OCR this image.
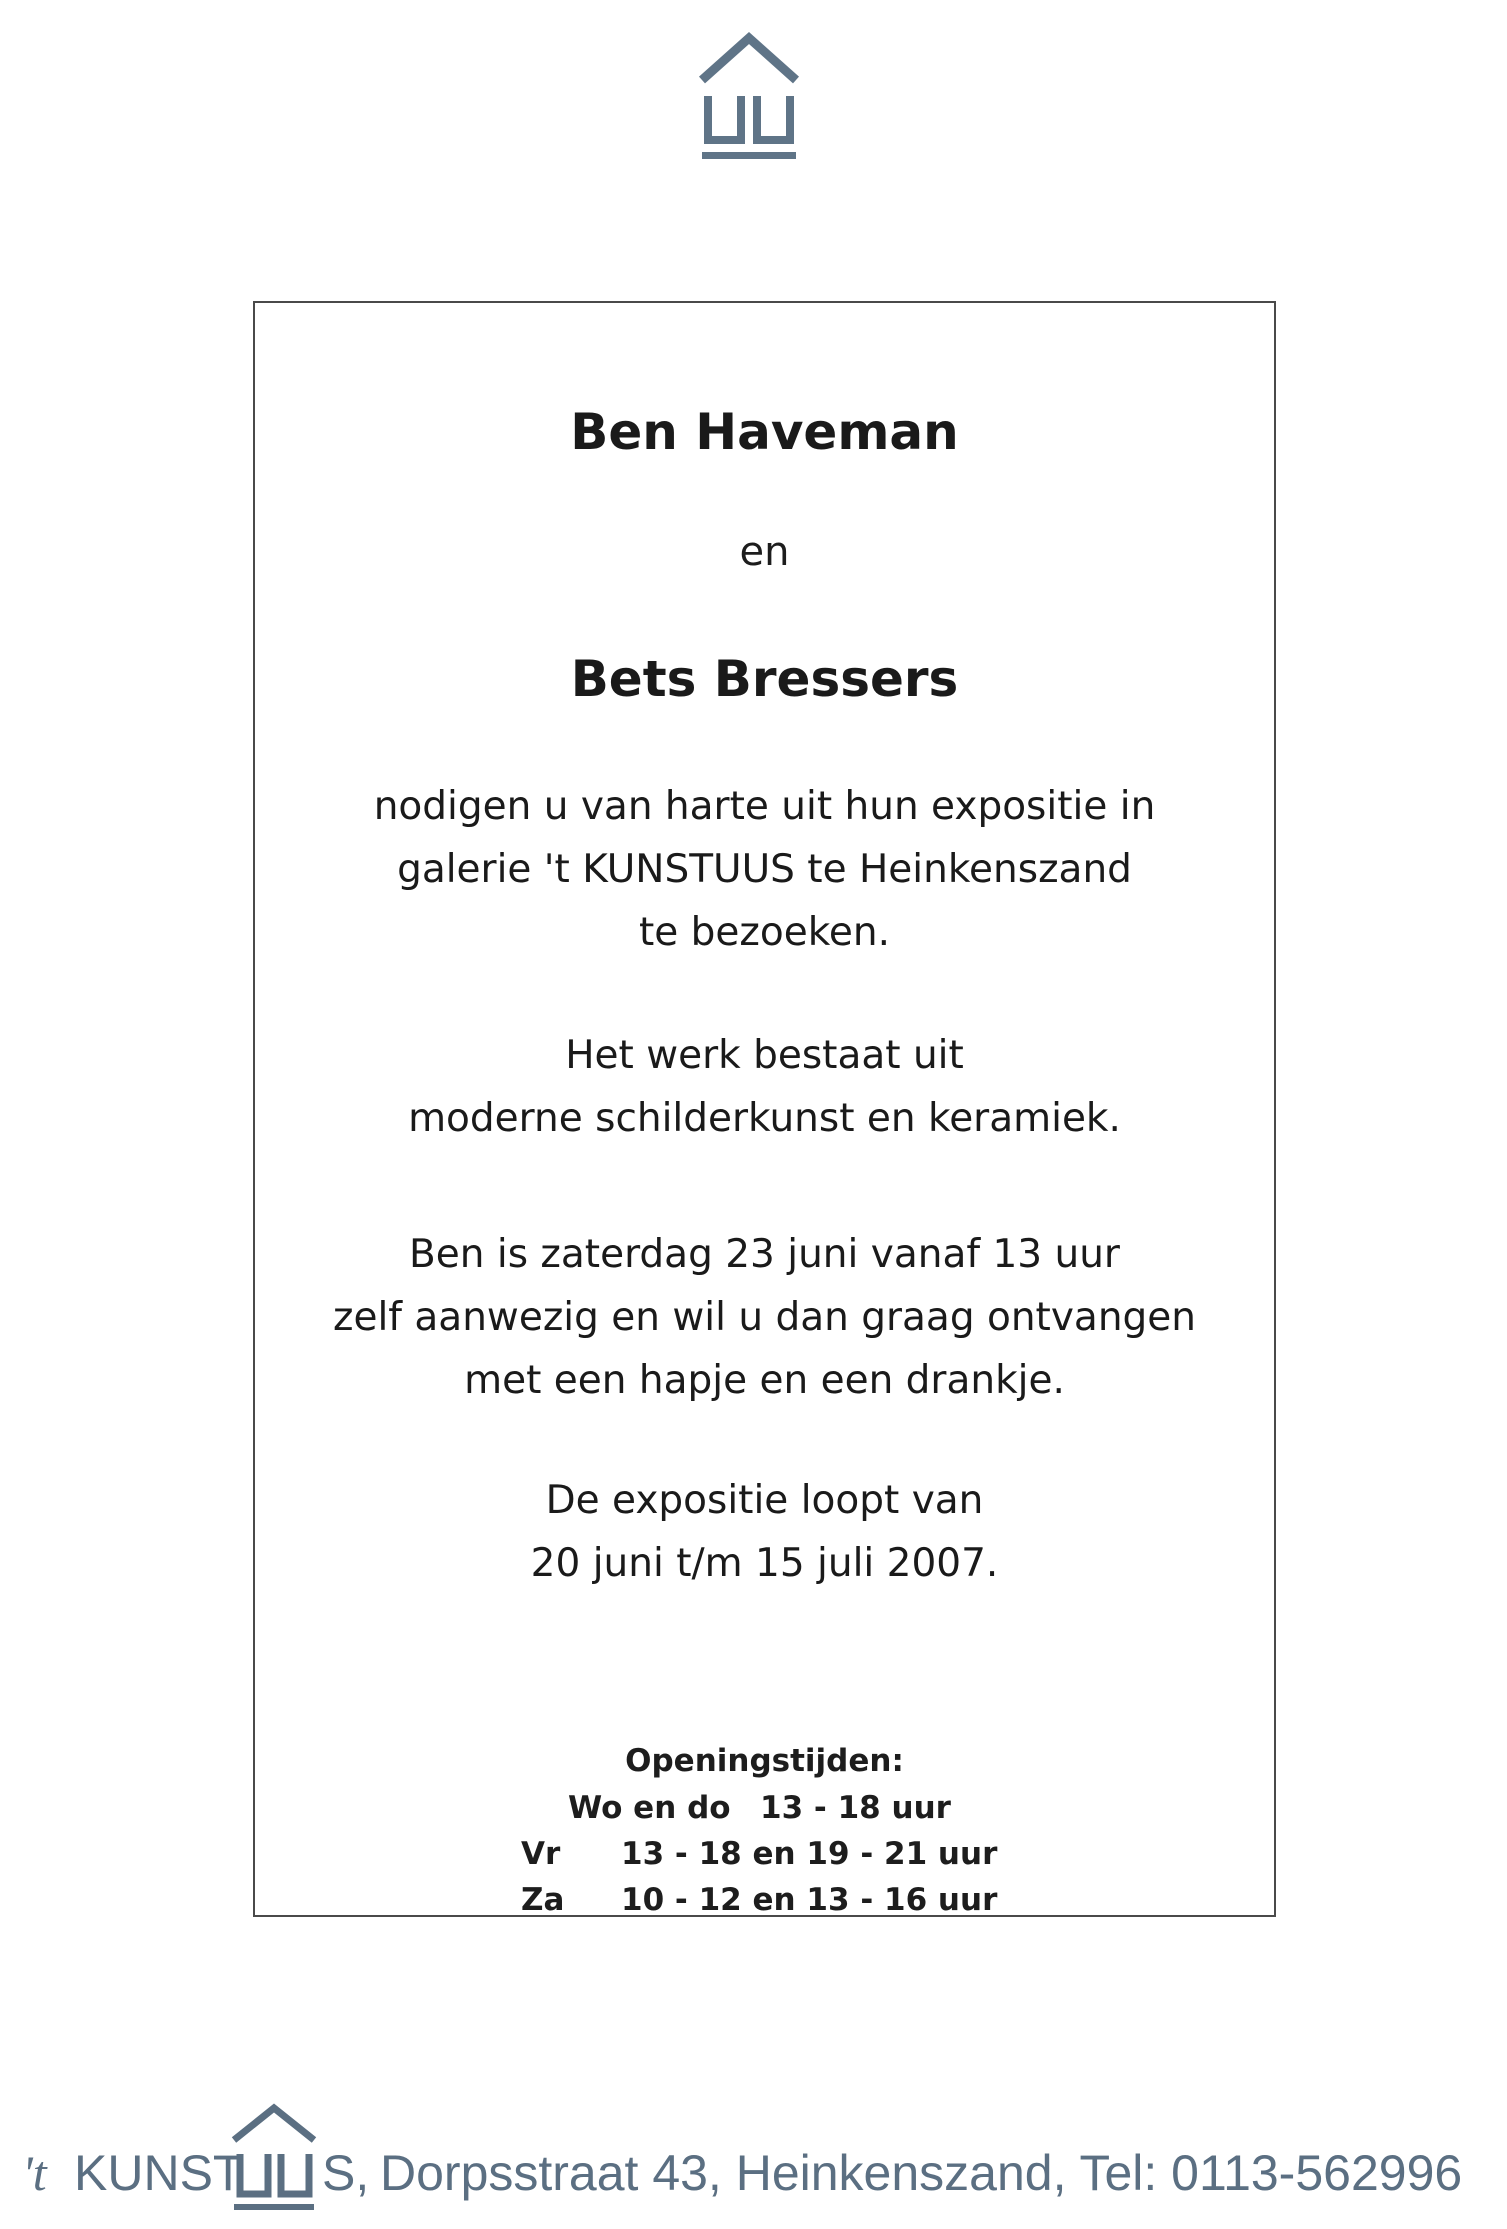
Ben Haveman
en
Bets Bressers
nodigen u van harte uit hun expositie in
galerie 't KUNSTUUS te Heinkenszand
te bezoeken.
Het werk bestaat uit
moderne schilderkunst en keramiek.
Ben is zaterdag 23 juni vanaf 13 uur
zelf aanwezig en wil u dan graag ontvangen
met een hapje en een drankje.
De expositie loopt van
20 juni t/m 15 juli 2007.
Openingstijden:
Wo en do 13 - 18 uur
Vr 13 - 18 en 19 - 21 uur
Za 10 - 12 en 13 - 16 uur
't KUNST S, Dorpsstraat 43, Heinkenszand, Tel: 0113-562996
